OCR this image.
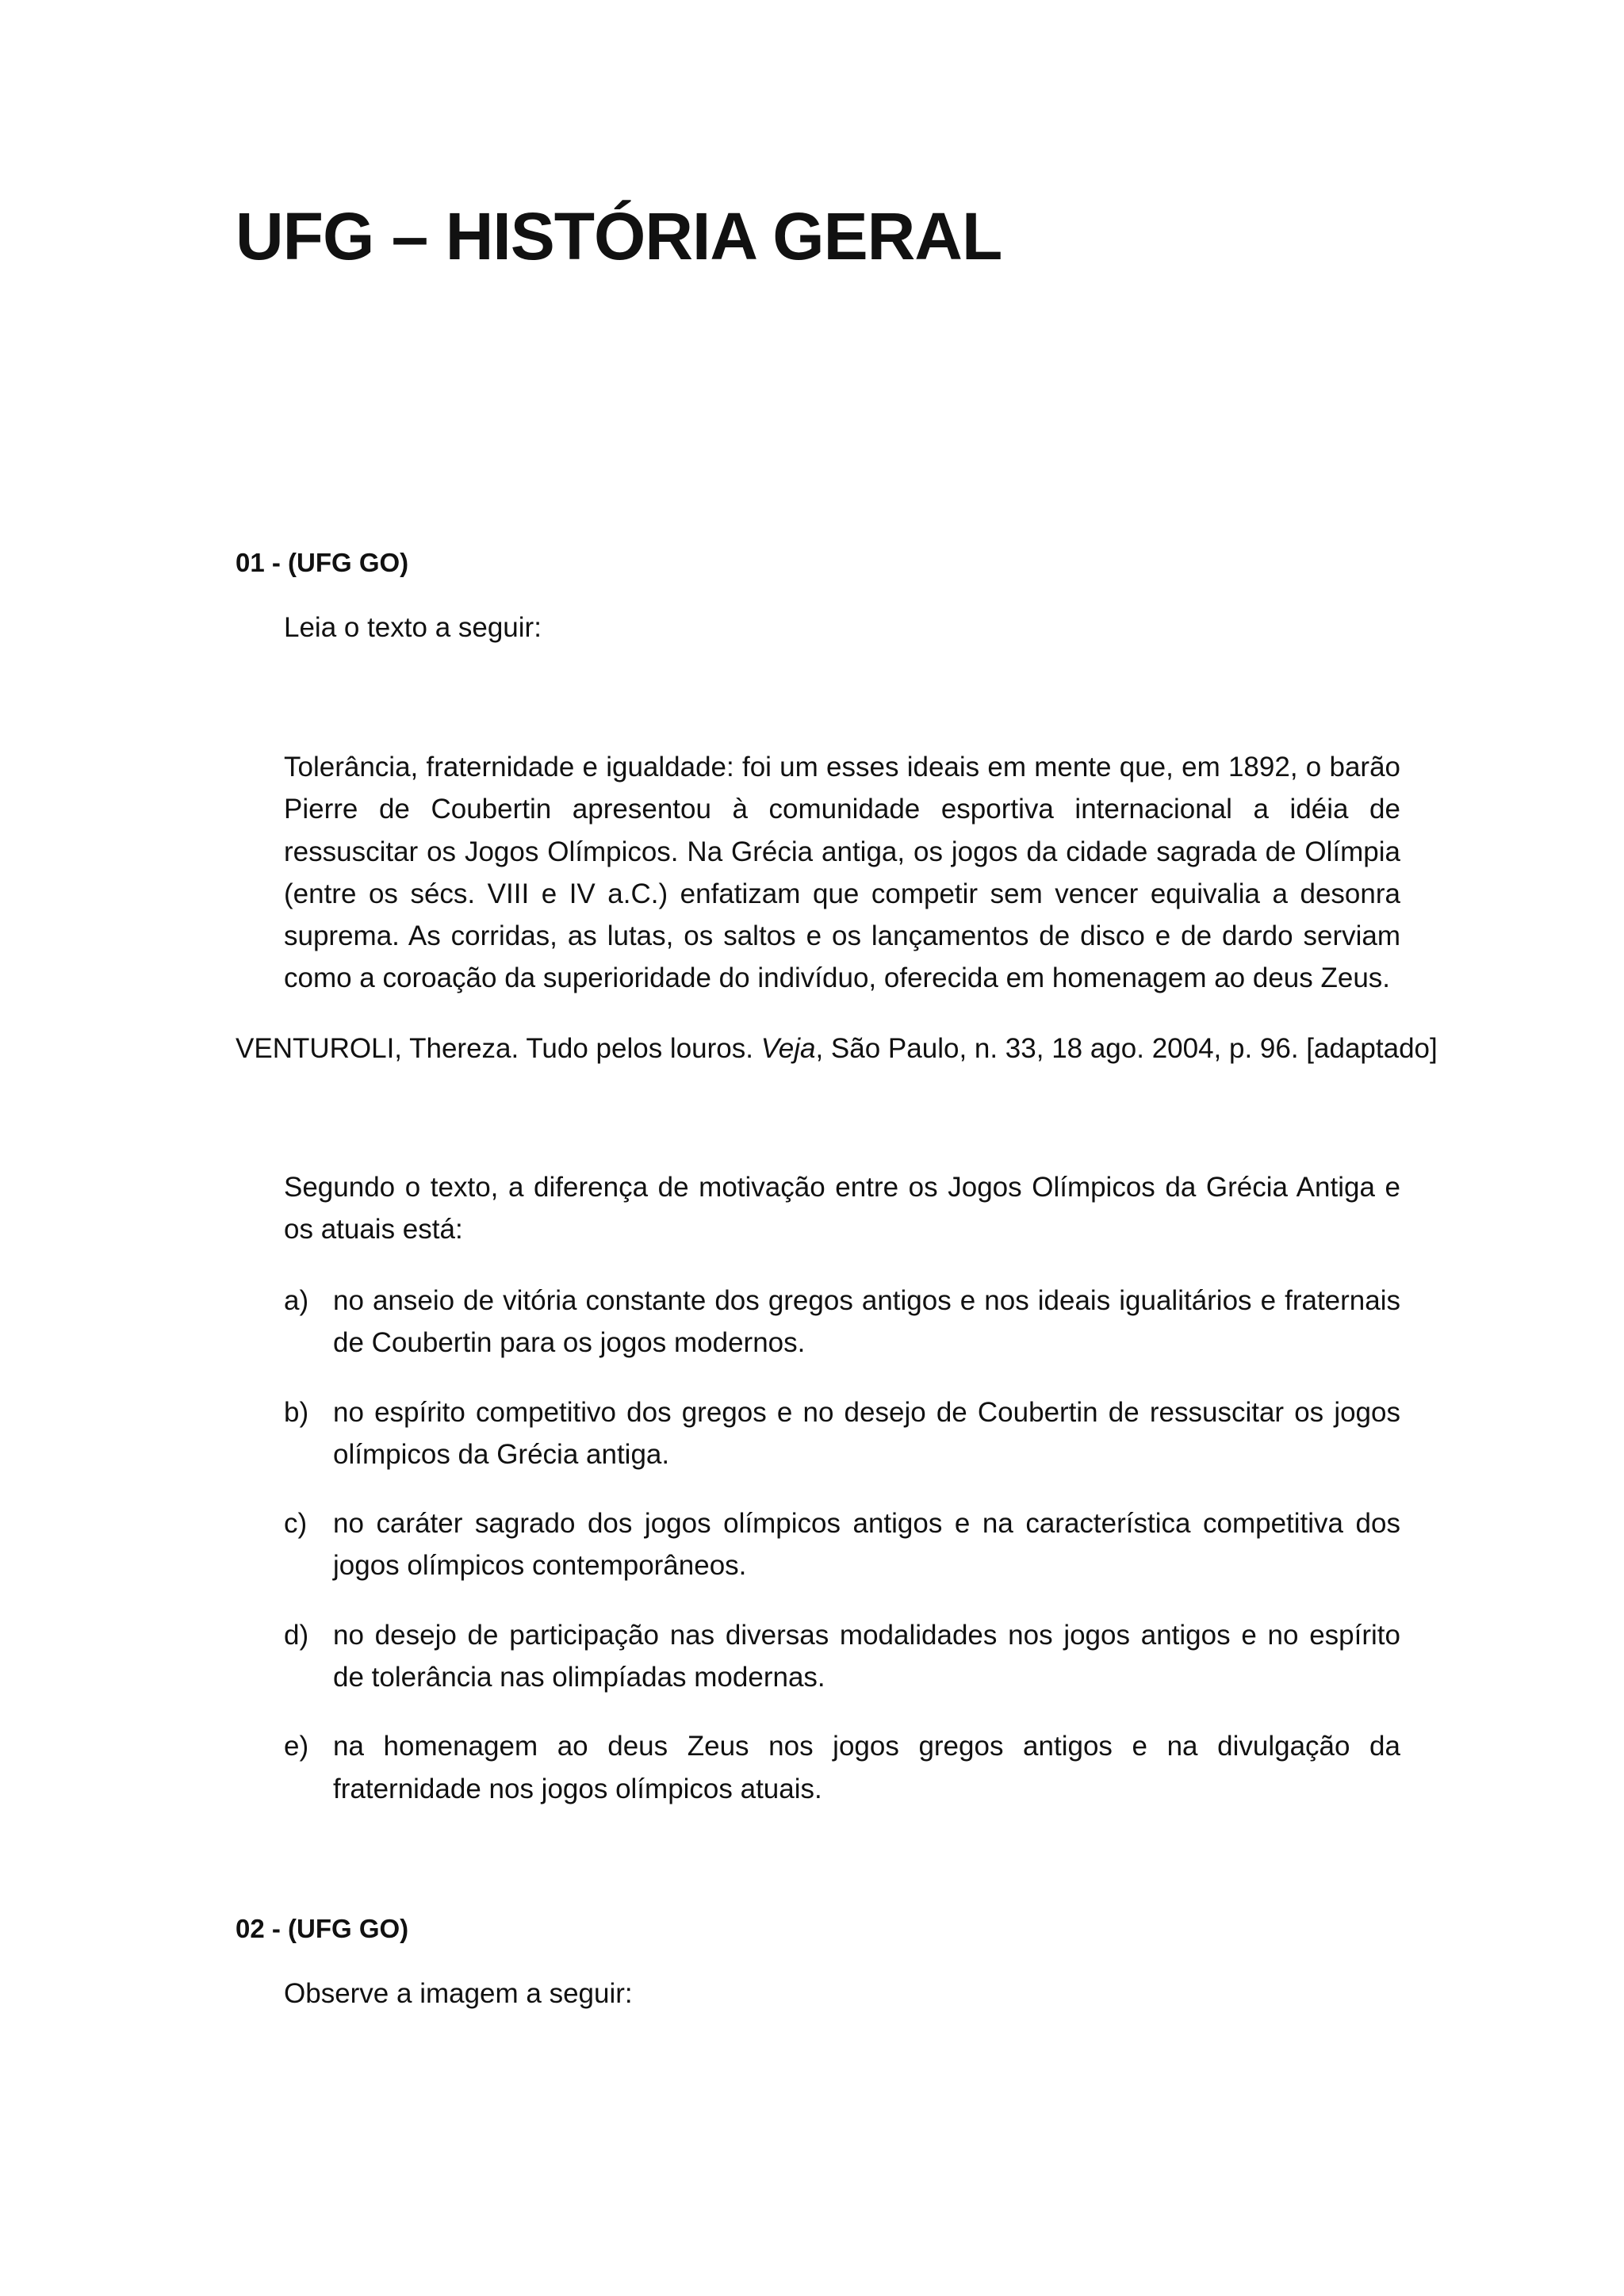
UFG – HISTÓRIA GERAL

01 - (UFG GO)

Leia o texto a seguir:

Tolerância, fraternidade e igualdade: foi um esses ideais em mente que, em 1892, o barão Pierre de Coubertin apresentou à comunidade esportiva internacional a idéia de ressuscitar os Jogos Olímpicos. Na Grécia antiga, os jogos da cidade sagrada de Olímpia (entre os sécs. VIII e IV a.C.) enfatizam que competir sem vencer equivalia a desonra suprema. As corridas, as lutas, os saltos e os lançamentos de disco e de dardo serviam como a coroação da superioridade do indivíduo, oferecida em homenagem ao deus Zeus.

VENTUROLI, Thereza. Tudo pelos louros. Veja, São Paulo, n. 33, 18 ago. 2004, p. 96. [adaptado]

Segundo o texto, a diferença de motivação entre os Jogos Olímpicos da Grécia Antiga e os atuais está:

a) no anseio de vitória constante dos gregos antigos e nos ideais igualitários e fraternais de Coubertin para os jogos modernos.
b) no espírito competitivo dos gregos e no desejo de Coubertin de ressuscitar os jogos olímpicos da Grécia antiga.
c) no caráter sagrado dos jogos olímpicos antigos e na característica competitiva dos jogos olímpicos contemporâneos.
d) no desejo de participação nas diversas modalidades nos jogos antigos e no espírito de tolerância nas olimpíadas modernas.
e) na homenagem ao deus Zeus nos jogos gregos antigos e na divulgação da fraternidade nos jogos olímpicos atuais.

02 - (UFG GO)

Observe a imagem a seguir:
